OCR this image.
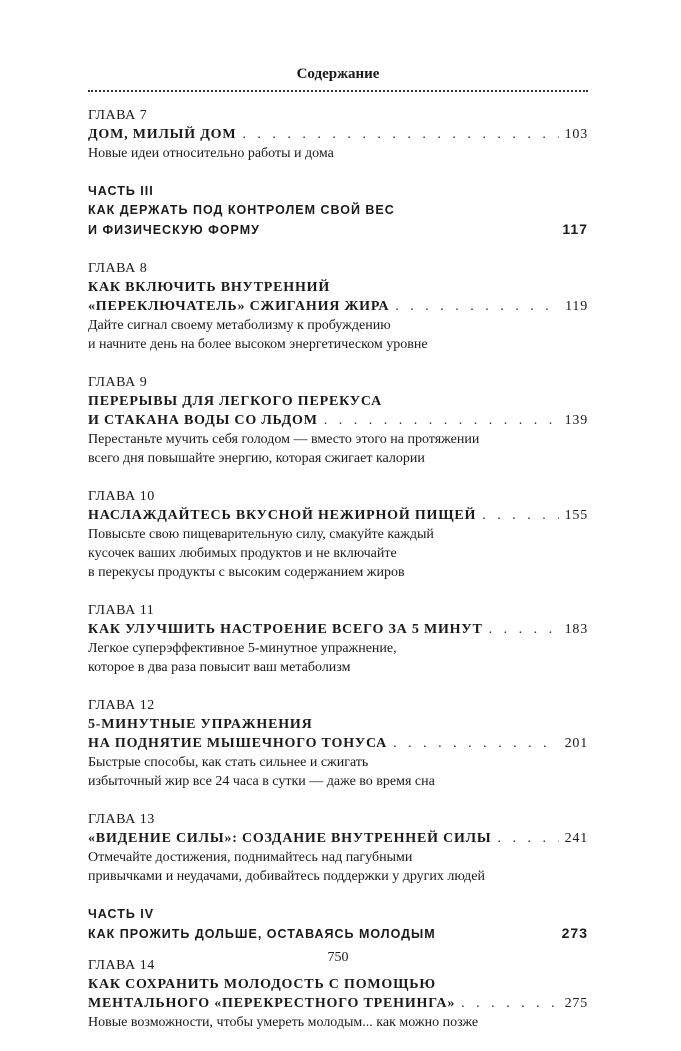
Содержание
ГЛАВА 7
ДОМ, МИЛЫЙ ДОМ . . .	103
Новые идеи относительно работы и дома
ЧАСТЬ III
КАК ДЕРЖАТЬ ПОД КОНТРОЛЕМ СВОЙ ВЕС
И ФИЗИЧЕСКУЮ ФОРМУ	117
ГЛАВА 8
КАК ВКЛЮЧИТЬ ВНУТРЕННИЙ
«ПЕРЕКЛЮЧАТЕЛЬ» СЖИГАНИЯ ЖИРА . . .	119
Дайте сигнал своему метаболизму к пробуждению
и начните день на более высоком энергетическом уровне
ГЛАВА 9
ПЕРЕРЫВЫ ДЛЯ ЛЕГКОГО ПЕРЕКУСА
И СТАКАНА ВОДЫ СО ЛЬДОМ . . .	139
Перестаньте мучить себя голодом — вместо этого на протяжении
всего дня повышайте энергию, которая сжигает калории
ГЛАВА 10
НАСЛАЖДАЙТЕСЬ ВКУСНОЙ НЕЖИРНОЙ ПИЩЕЙ . . .	155
Повысьте свою пищеварительную силу, смакуйте каждый
кусочек ваших любимых продуктов и не включайте
в перекусы продукты с высоким содержанием жиров
ГЛАВА 11
КАК УЛУЧШИТЬ НАСТРОЕНИЕ ВСЕГО ЗА 5 МИНУТ . . .	183
Легкое суперэффективное 5-минутное упражнение,
которое в два раза повысит ваш метаболизм
ГЛАВА 12
5-МИНУТНЫЕ УПРАЖНЕНИЯ
НА ПОДНЯТИЕ МЫШЕЧНОГО ТОНУСА . . .	201
Быстрые способы, как стать сильнее и сжигать
избыточный жир все 24 часа в сутки — даже во время сна
ГЛАВА 13
«ВИДЕНИЕ СИЛЫ»: СОЗДАНИЕ ВНУТРЕННЕЙ СИЛЫ . . .	241
Отмечайте достижения, поднимайтесь над пагубными
привычками и неудачами, добивайтесь поддержки у других людей
ЧАСТЬ IV
КАК ПРОЖИТЬ ДОЛЬШЕ, ОСТАВАЯСЬ МОЛОДЫМ	273
ГЛАВА 14
КАК СОХРАНИТЬ МОЛОДОСТЬ С ПОМОЩЬЮ
МЕНТАЛЬНОГО «ПЕРЕКРЕСТНОГО ТРЕНИНГА» . . .	275
Новые возможности, чтобы умереть молодым... как можно позже
750
